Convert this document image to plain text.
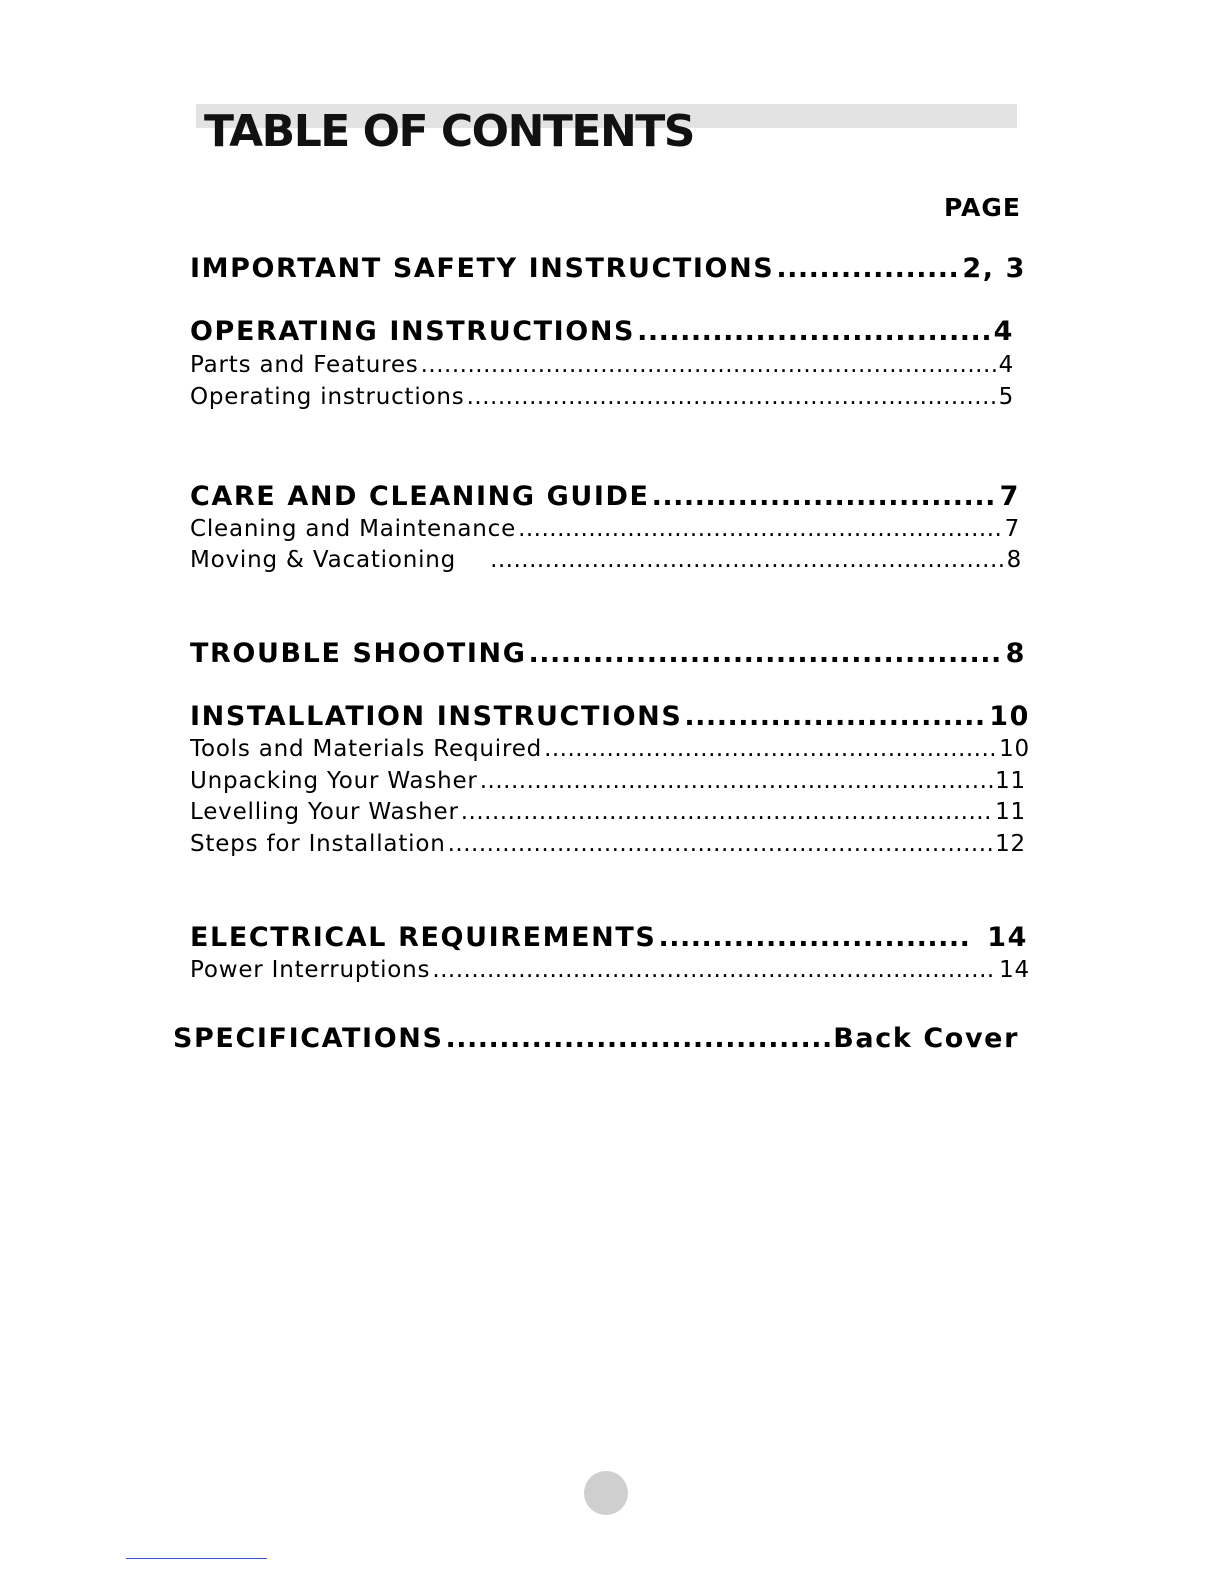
TABLE OF CONTENTS
PAGE
IMPORTANT SAFETY INSTRUCTIONS .....	2, 3
OPERATING INSTRUCTIONS .....	4
Parts and Features .....	4
Operating instructions .....	5
CARE AND CLEANING GUIDE .....	7
Cleaning and Maintenance .....	7
Moving & Vacationing .....	8
TROUBLE SHOOTING .....	8
INSTALLATION INSTRUCTIONS .....	10
Tools and Materials Required .....	10
Unpacking Your Washer .....	11
Levelling Your Washer .....	11
Steps for Installation .....	12
ELECTRICAL REQUIREMENTS .....	14
Power Interruptions .....	14
SPECIFICATIONS .....	Back Cover
